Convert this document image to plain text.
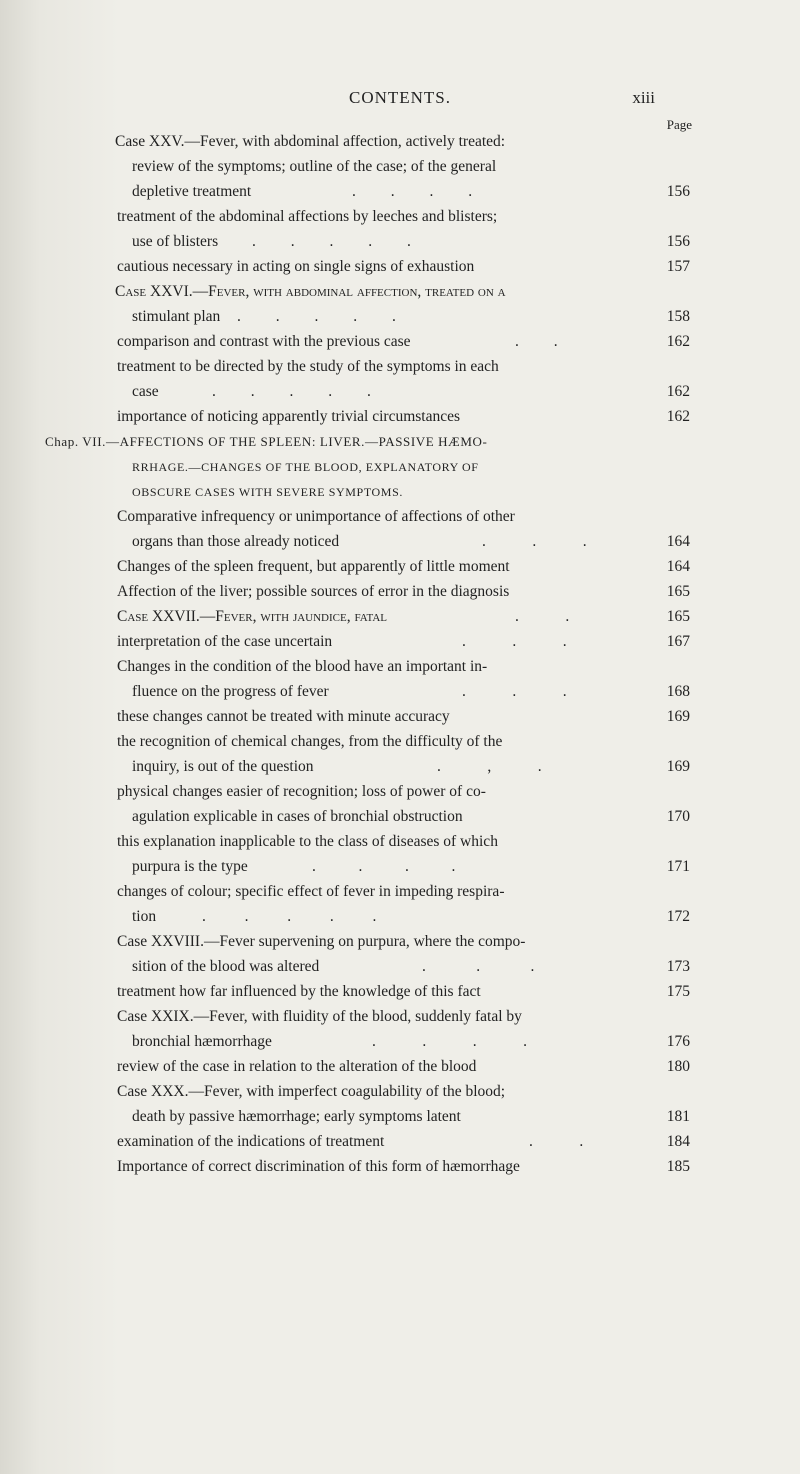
CONTENTS.	xiii
Page
Case XXV.—Fever, with abdominal affection, actively treated:
review of the symptoms; outline of the case; of the general
depletive treatment	.         .         .         .	156
treatment of the abdominal affections by leeches and blisters;
use of blisters .         .         .         .         .	156
cautious necessary in acting on single signs of exhaustion	157
Case XXVI.—Fever, with abdominal affection, treated on a
stimulant plan .         .         .         .         .	158
comparison and contrast with the previous case	.         .	162
treatment to be directed by the study of the symptoms in each
case	.         .         .         .         .	162
importance of noticing apparently trivial circumstances	162
Chap. VII.—AFFECTIONS OF THE SPLEEN: LIVER.—PASSIVE HÆMO-
RRHAGE.—CHANGES OF THE BLOOD, EXPLANATORY OF
OBSCURE CASES WITH SEVERE SYMPTOMS.
Comparative infrequency or unimportance of affections of other
organs than those already noticed	.            .            .	164
Changes of the spleen frequent, but apparently of little moment	164
Affection of the liver; possible sources of error in the diagnosis	165
Case XXVII.—Fever, with jaundice, fatal	.            .	165
interpretation of the case uncertain	.            .            .	167
Changes in the condition of the blood have an important in-
fluence on the progress of fever	.            .            .	168
these changes cannot be treated with minute accuracy	169
the recognition of chemical changes, from the difficulty of the
inquiry, is out of the question	.            ,            .	169
physical changes easier of recognition; loss of power of co-
agulation explicable in cases of bronchial obstruction	170
this explanation inapplicable to the class of diseases of which
purpura is the type	.           .           .           .	171
changes of colour; specific effect of fever in impeding respira-
tion	.          .          .          .          .	172
Case XXVIII.—Fever supervening on purpura, where the compo-
sition of the blood was altered	.             .             .	173
treatment how far influenced by the knowledge of this fact	175
Case XXIX.—Fever, with fluidity of the blood, suddenly fatal by
bronchial hæmorrhage	.            .            .            .	176
review of the case in relation to the alteration of the blood	180
Case XXX.—Fever, with imperfect coagulability of the blood;
death by passive hæmorrhage; early symptoms latent	181
examination of the indications of treatment	.            .	184
Importance of correct discrimination of this form of hæmorrhage	185
